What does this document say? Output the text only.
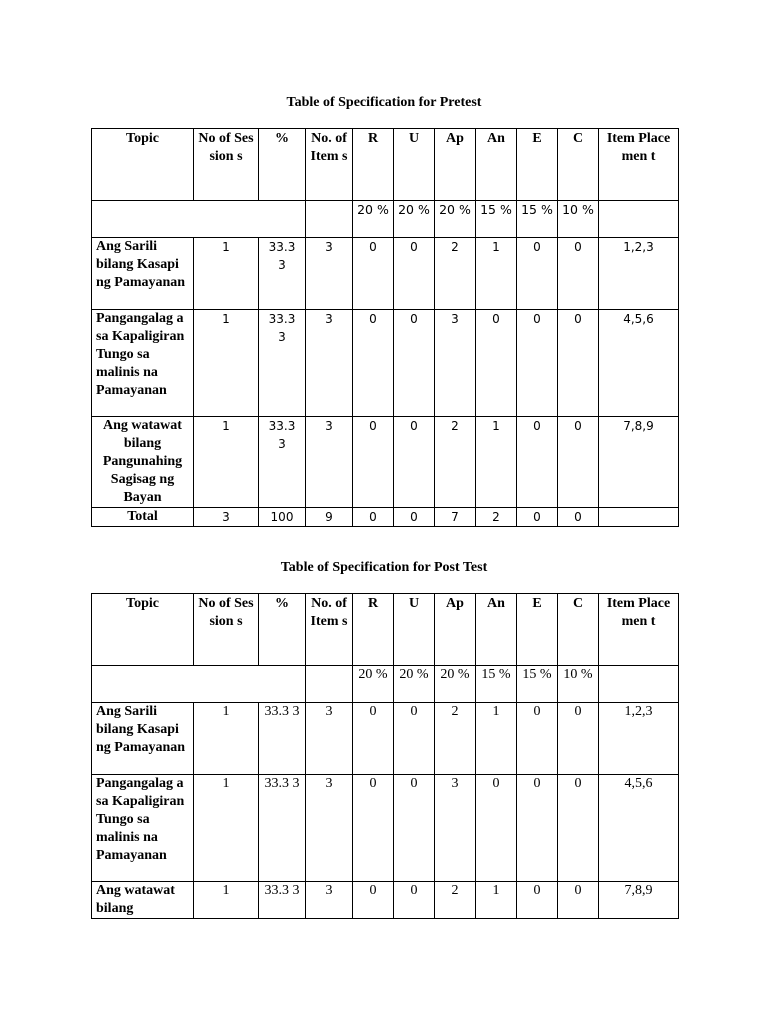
Table of Specification for Pretest
Topic	No of Session s	%	No. of Item s	R	U	Ap	An	E	C	Item Placemen t
				20 %	20 %	20 %	15 %	15 %	10 %	
Ang Sarili bilang Kasapi ng Pamayanan	1	33.3 3	3	0	0	2	1	0	0	1,2,3
Pangangalag a sa Kapaligiran Tungo sa malinis na Pamayanan	1	33.3 3	3	0	0	3	0	0	0	4,5,6
Ang watawat bilang Pangunahing Sagisag ng Bayan	1	33.3 3	3	0	0	2	1	0	0	7,8,9
Total	3	100	9	0	0	7	2	0	0	
Table of Specification for Post Test
Topic	No of Session s	%	No. of Item s	R	U	Ap	An	E	C	Item Placemen t
				20 %	20 %	20 %	15 %	15 %	10 %	
Ang Sarili bilang Kasapi ng Pamayanan	1	33.3 3	3	0	0	2	1	0	0	1,2,3
Pangangalag a sa Kapaligiran Tungo sa malinis na Pamayanan	1	33.3 3	3	0	0	3	0	0	0	4,5,6
Ang watawat bilang	1	33.3 3	3	0	0	2	1	0	0	7,8,9
